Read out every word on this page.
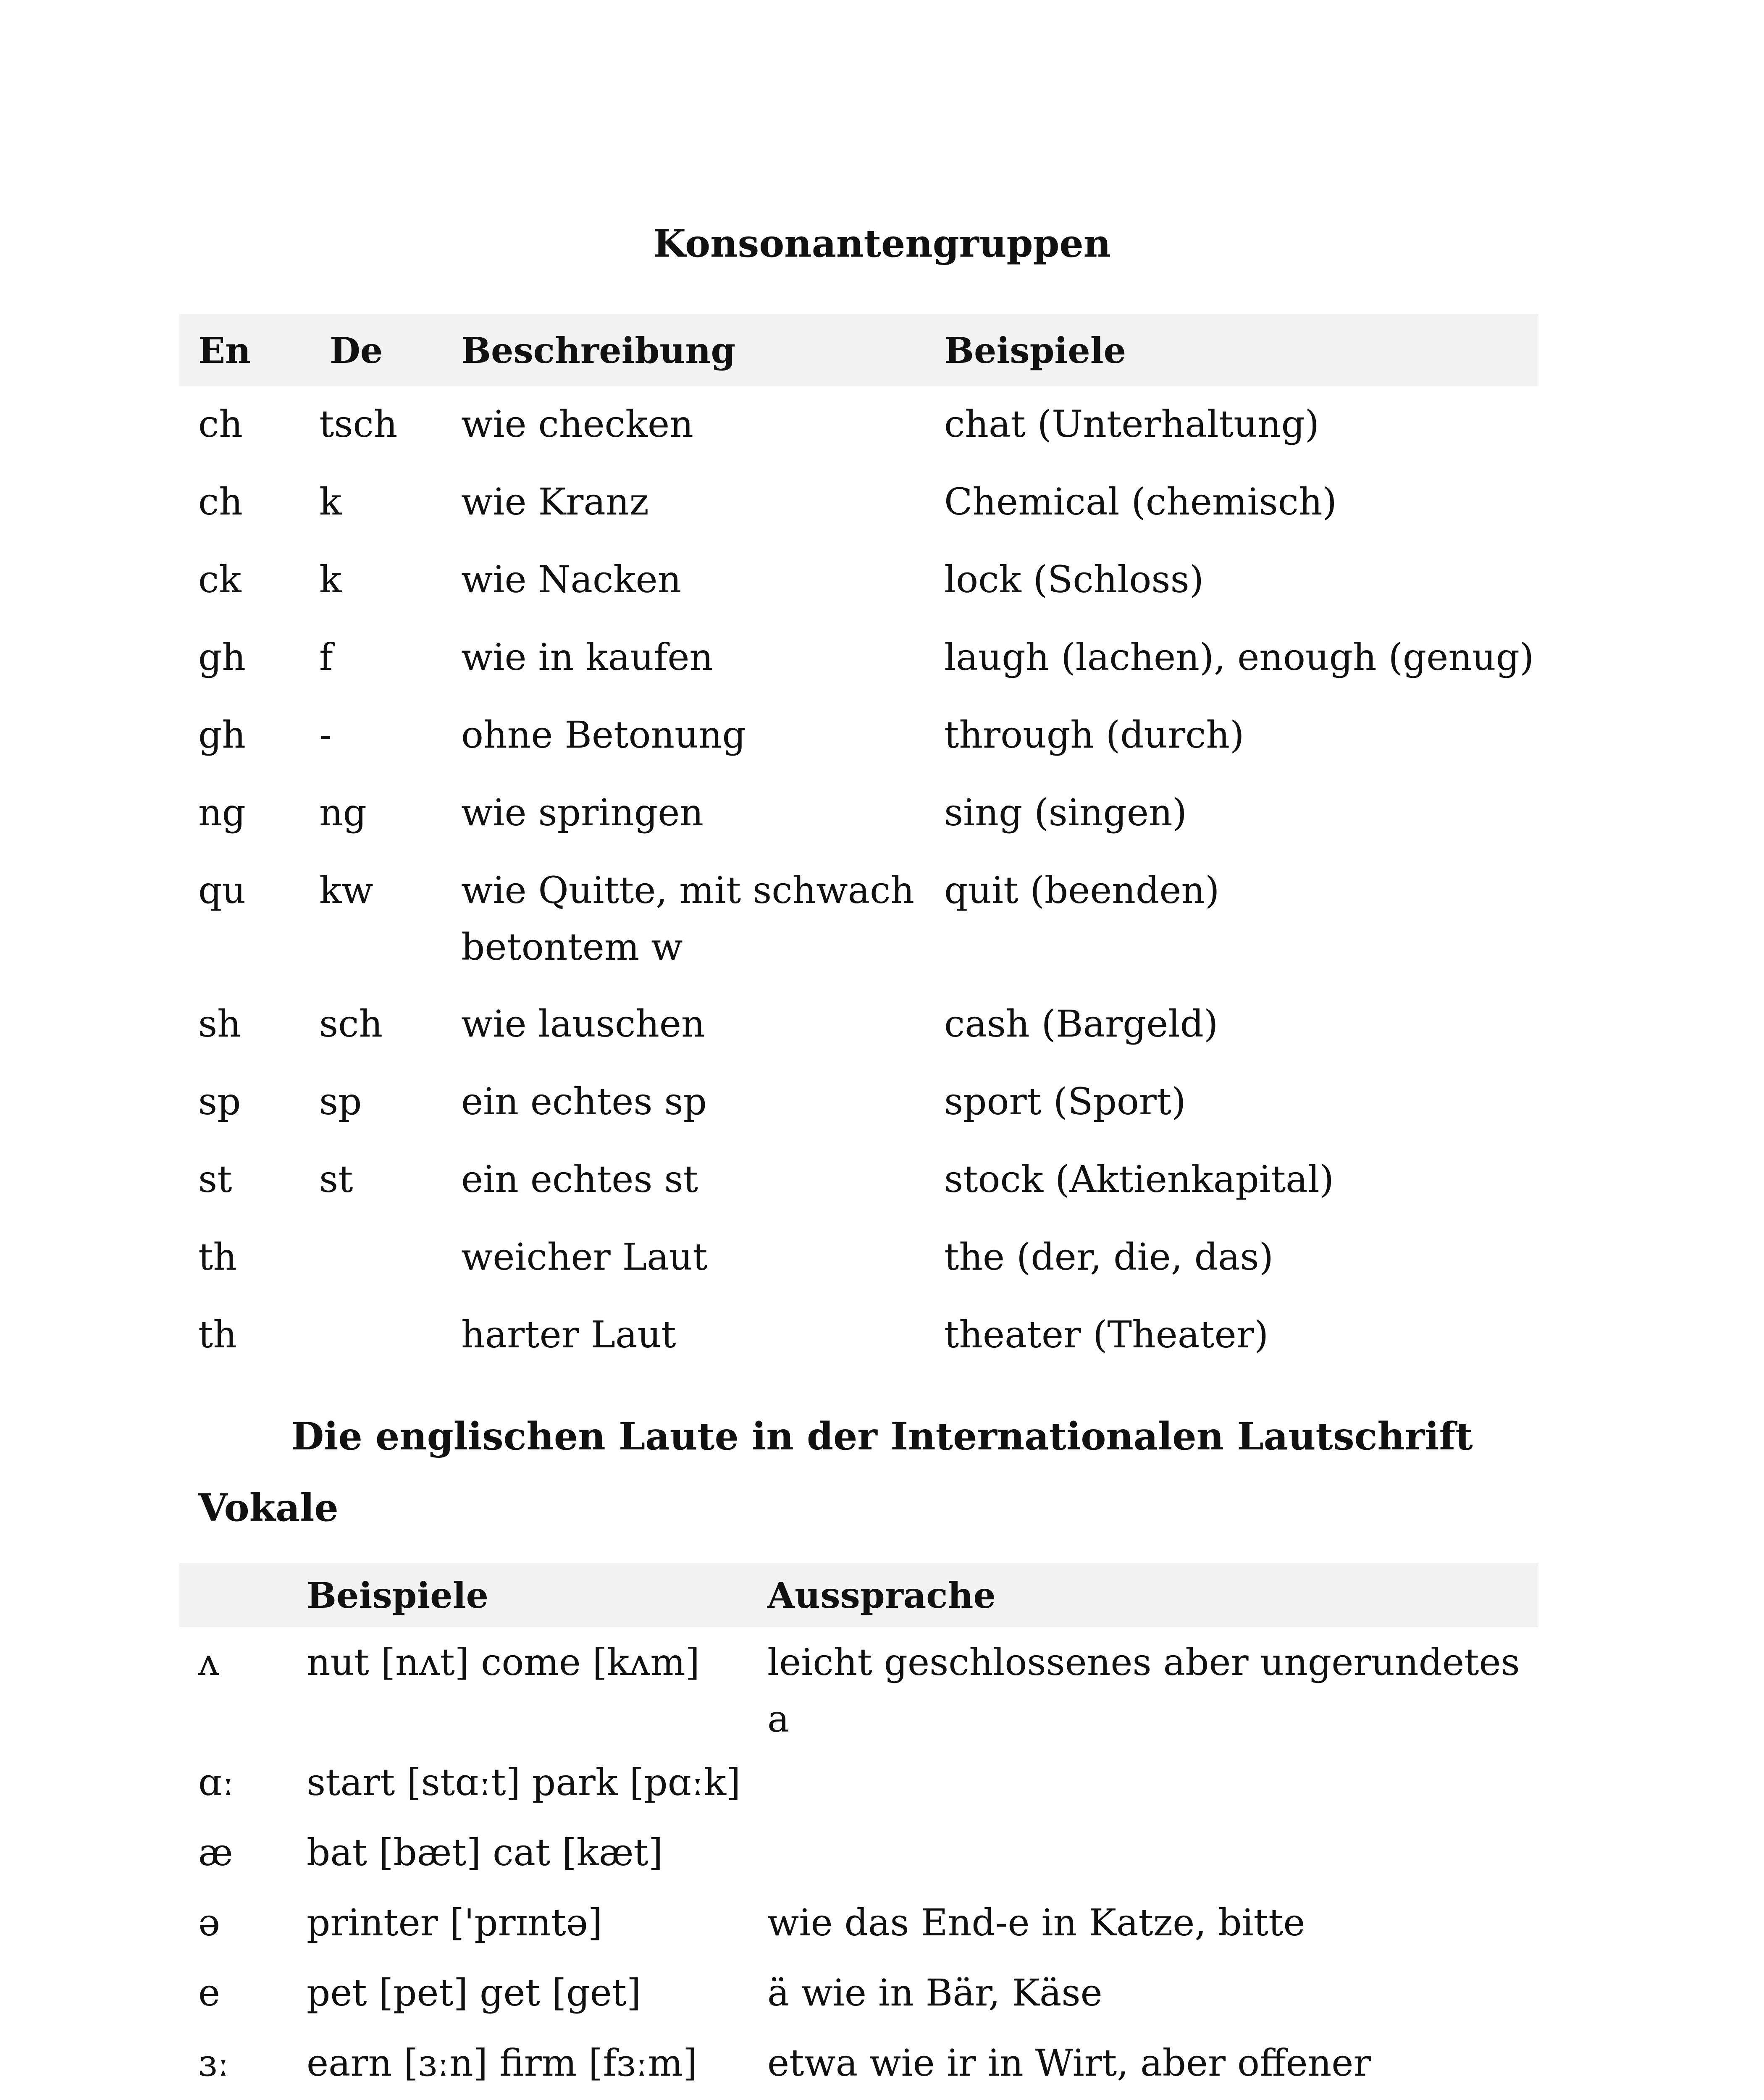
Konsonantengruppen
En	De	Beschreibung	Beispiele
ch	tsch	wie checken	chat (Unterhaltung)
ch	k	wie Kranz	Chemical (chemisch)
ck	k	wie Nacken	lock (Schloss)
gh	f	wie in kaufen	laugh (lachen), enough (genug)
gh	-	ohne Betonung	through (durch)
ng	ng	wie springen	sing (singen)
qu	kw	wie Quitte, mit schwach betontem w	quit (beenden)
sh	sch	wie lauschen	cash (Bargeld)
sp	sp	ein echtes sp	sport (Sport)
st	st	ein echtes st	stock (Aktienkapital)
th		weicher Laut	the (der, die, das)
th		harter Laut	theater (Theater)
Die englischen Laute in der Internationalen Lautschrift
Vokale
	Beispiele	Aussprache
ʌ	nut [nʌt] come [kʌm]	leicht geschlossenes aber ungerundetes a
ɑː	start [stɑːt] park [pɑːk]	
æ	bat [bæt] cat [kæt]	
ə	printer ['prɪntə]	wie das End-e in Katze, bitte
e	pet [pet] get [get]	ä wie in Bär, Käse
ɜː	earn [ɜːn] firm [fɜːm]	etwa wie ir in Wirt, aber offener
